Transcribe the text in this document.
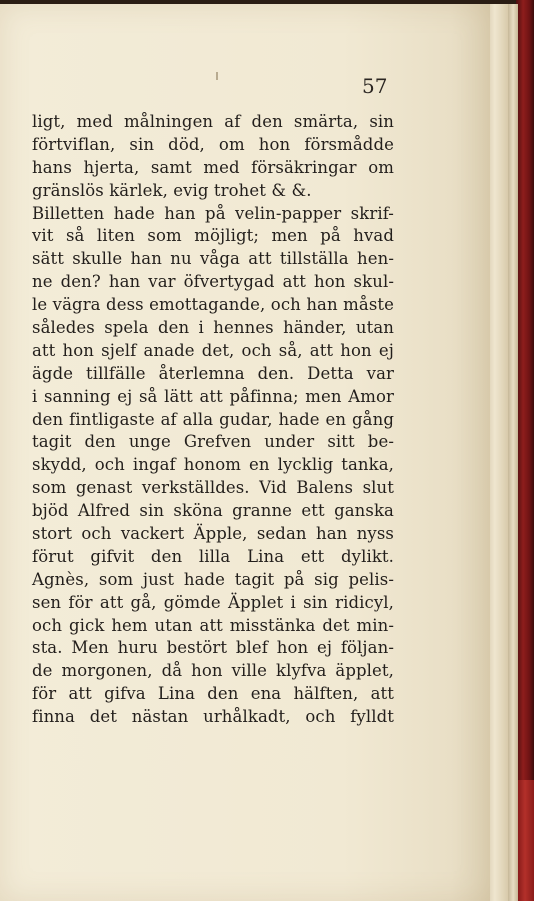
57
ligt, med målningen af den smärta, sin
förtviflan, sin död, om hon försmådde
hans hjerta, samt med försäkringar om
gränslös kärlek, evig trohet & &.
Billetten hade han på velin-papper skrif-
vit så liten som möjligt; men på hvad
sätt skulle han nu våga att tillställa hen-
ne den? han var öfvertygad att hon skul-
le vägra dess emottagande, och han måste
således spela den i hennes händer, utan
att hon sjelf anade det, och så, att hon ej
ägde tillfälle återlemna den. Detta var
i sanning ej så lätt att påfinna; men Amor
den fintligaste af alla gudar, hade en gång
tagit den unge Grefven under sitt be-
skydd, och ingaf honom en lycklig tanka,
som genast verkställdes. Vid Balens slut
bjöd Alfred sin sköna granne ett ganska
stort och vackert Äpple, sedan han nyss
förut gifvit den lilla Lina ett dylikt.
Agnès, som just hade tagit på sig pelis-
sen för att gå, gömde Äpplet i sin ridicyl,
och gick hem utan att misstänka det min-
sta. Men huru bestört blef hon ej följan-
de morgonen, då hon ville klyfva äpplet,
för att gifva Lina den ena hälften, att
finna det nästan urhålkadt, och fylldt
